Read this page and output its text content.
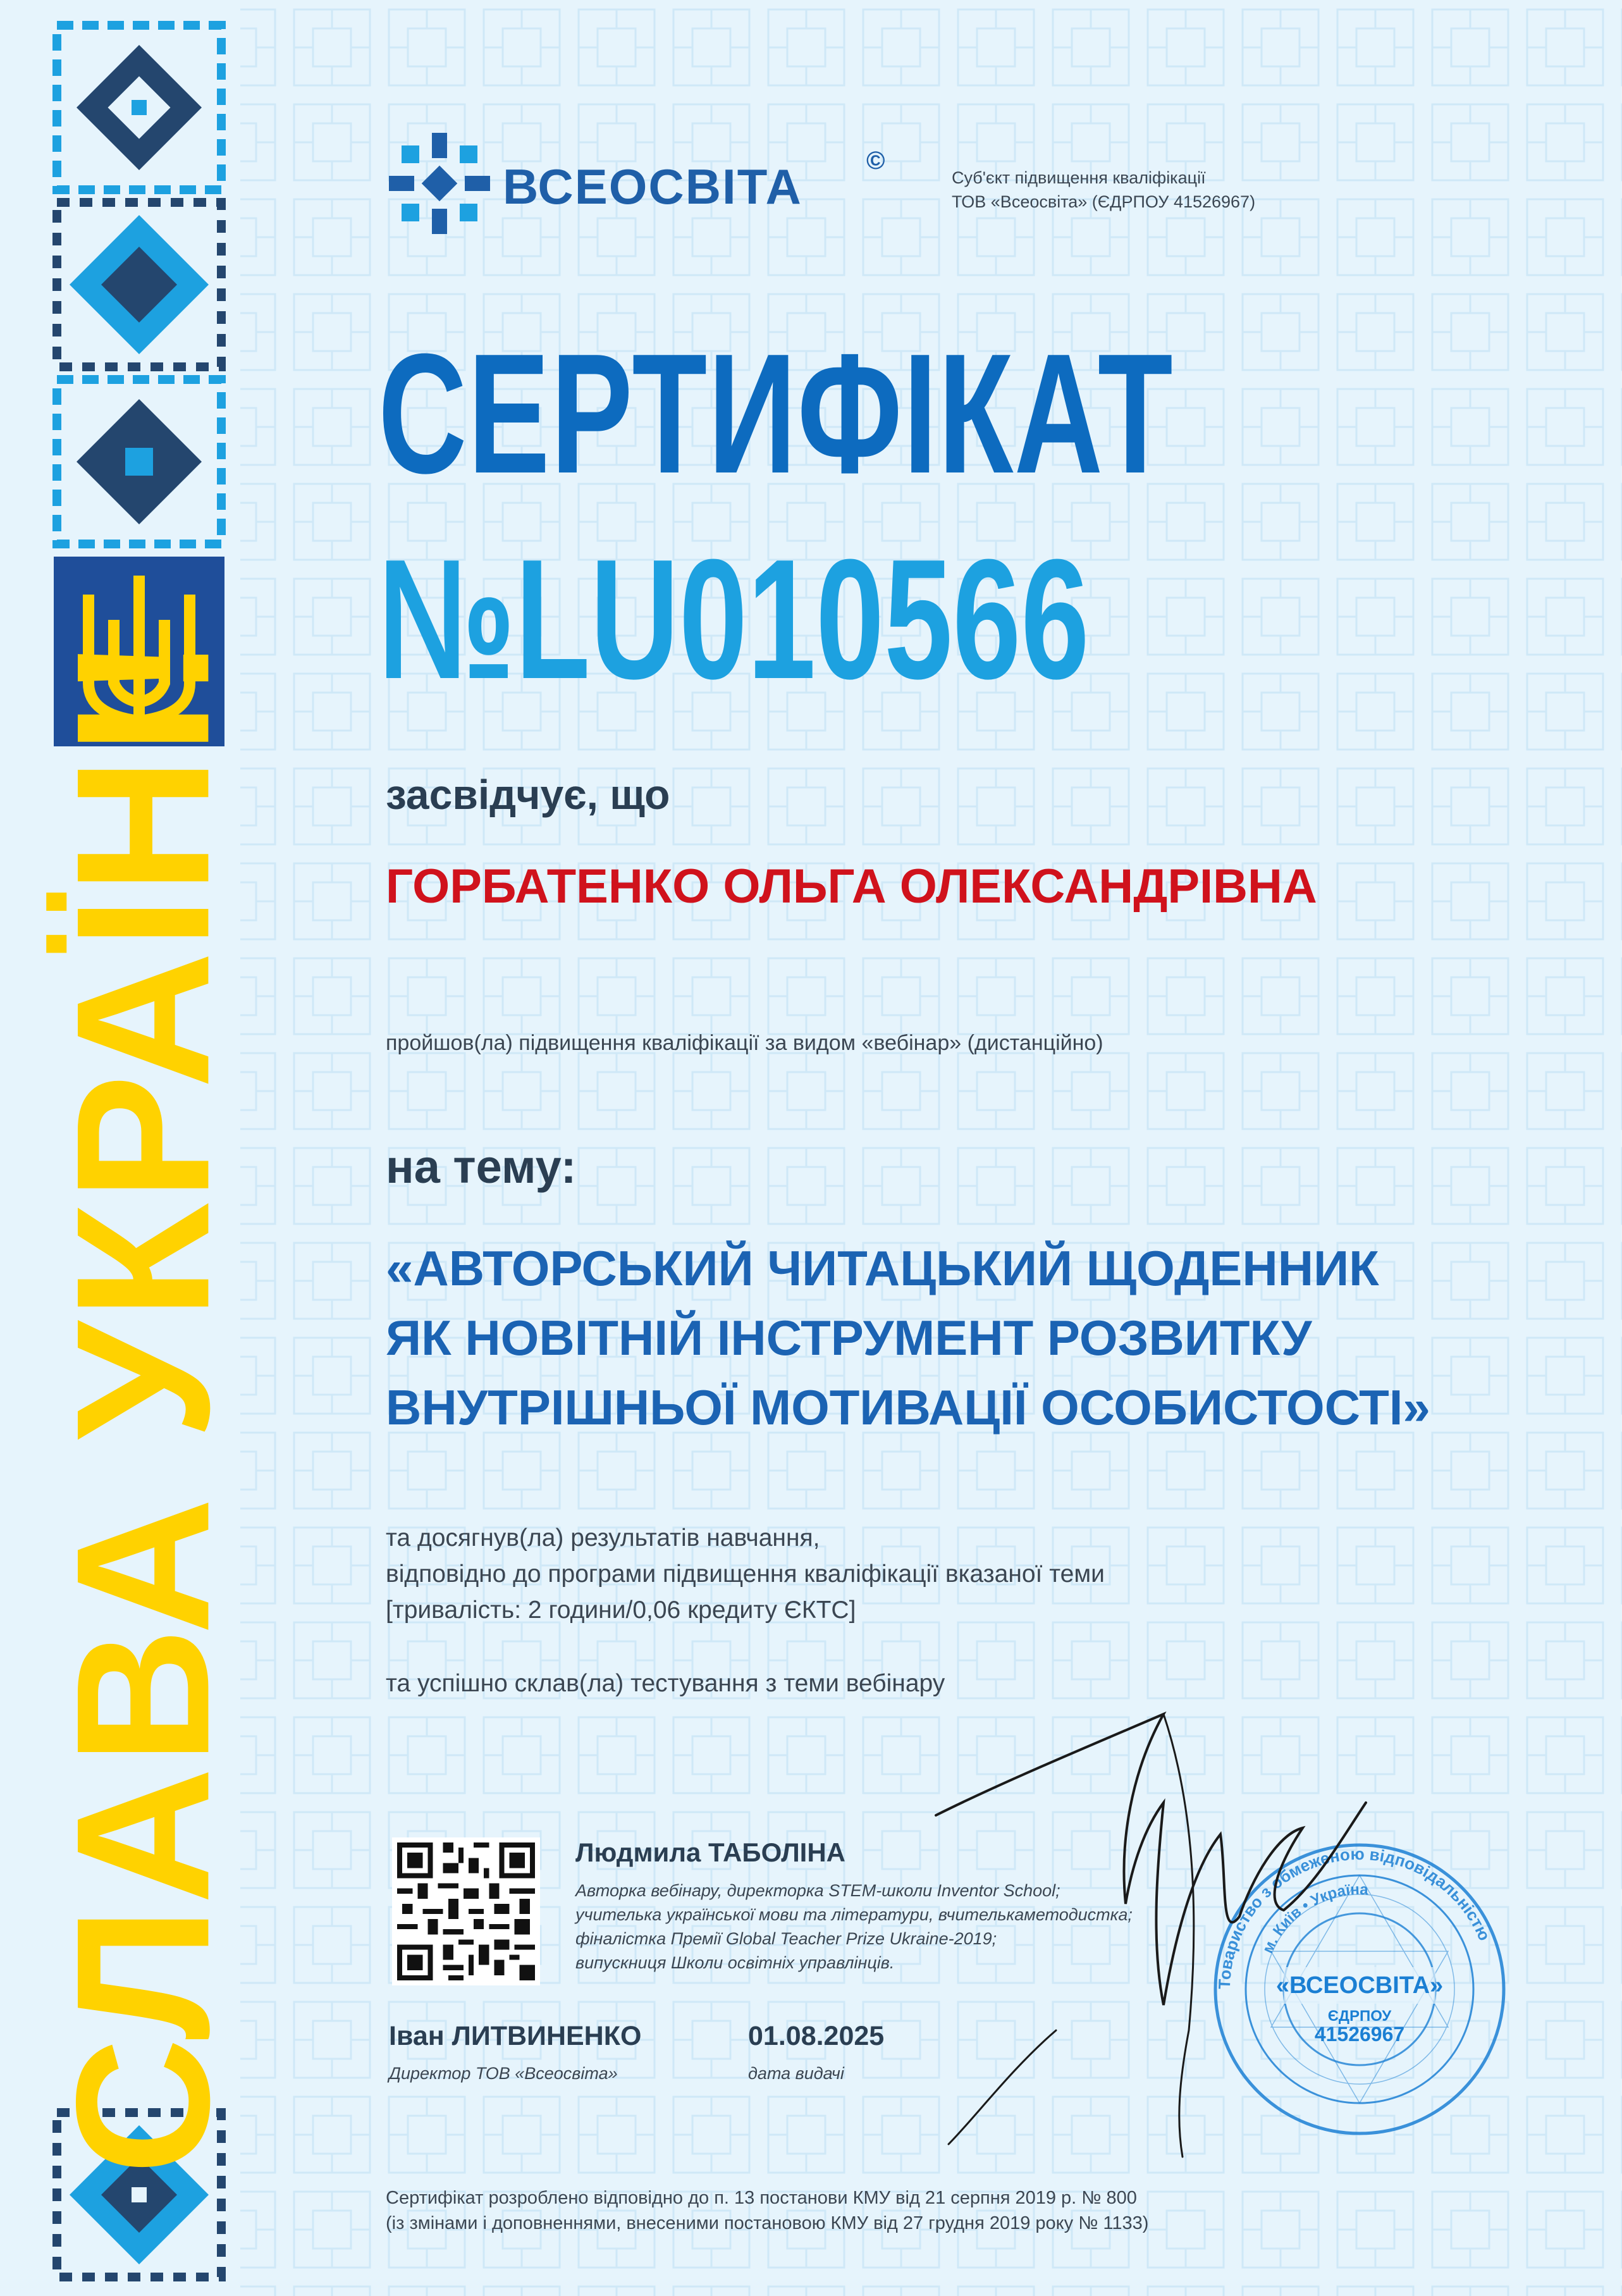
СЛАВА УКРАЇНІ!

ВСЕОСВІТА	©

Суб'єкт підвищення кваліфікації
ТОВ «Всеосвіта» (ЄДРПОУ 41526967)

СЕРТИФІКАТ

№LU010566

засвідчує, що

ГОРБАТЕНКО ОЛЬГА ОЛЕКСАНДРІВНА

пройшов(ла) підвищення кваліфікації за видом «вебінар» (дистанційно)

на тему:

«АВТОРСЬКИЙ ЧИТАЦЬКИЙ ЩОДЕННИК
ЯК НОВІТНІЙ ІНСТРУМЕНТ РОЗВИТКУ
ВНУТРІШНЬОЇ МОТИВАЦІЇ ОСОБИСТОСТІ»
та досягнув(ла) результатів навчання,
відповідно до програми підвищення кваліфікації вказаної теми
[тривалість: 2 години/0,06 кредиту ЄКТС]

та успішно склав(ла) тестування з теми вебінару

Людмила ТАБОЛІНА

Авторка вебінару, директорка STEM-школи Inventor School;
учителька української мови та літератури, вчителькаметодистка;
фіналістка Премії Global Teacher Prize Ukraine-2019;
випускниця Школи освітніх управлінців.

Іван ЛИТВИНЕНКО

Директор ТОВ «Всеосвіта»

01.08.2025

дата видачі

Товариство з обмеженою відповідальністю
м. Київ • Україна
«ВСЕОСВІТА»
ЄДРПОУ
41526967
Сертифікат розроблено відповідно до п. 13 постанови КМУ від 21 серпня 2019 р. № 800
(із змінами і доповненнями, внесеними постановою КМУ від 27 грудня 2019 року № 1133)
